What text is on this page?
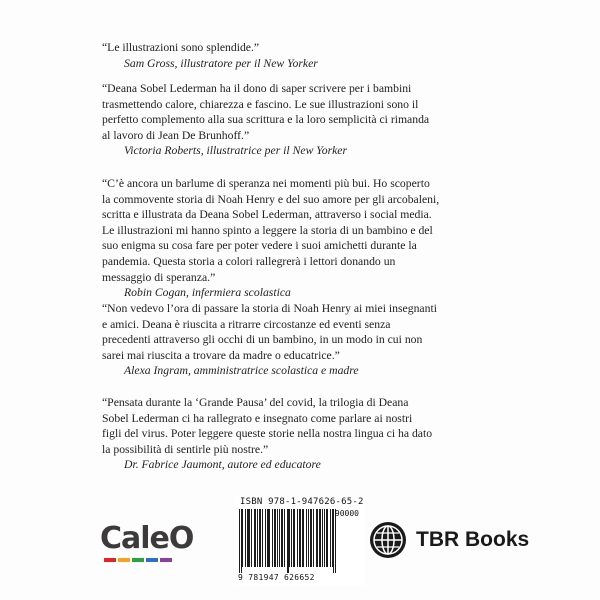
“Le illustrazioni sono splendide.”
Sam Gross, illustratore per il New Yorker
“Deana Sobel Lederman ha il dono di saper scrivere per i bambini
trasmettendo calore, chiarezza e fascino. Le sue illustrazioni sono il
perfetto complemento alla sua scrittura e la loro semplicità ci rimanda
al lavoro di Jean De Brunhoff.”
Victoria Roberts, illustratrice per il New Yorker
“C’è ancora un barlume di speranza nei momenti più bui. Ho scoperto
la commovente storia di Noah Henry e del suo amore per gli arcobaleni,
scritta e illustrata da Deana Sobel Lederman, attraverso i social media.
Le illustrazioni mi hanno spinto a leggere la storia di un bambino e del
suo enigma su cosa fare per poter vedere i suoi amichetti durante la
pandemia. Questa storia a colori rallegrerà i lettori donando un
messaggio di speranza.”
Robin Cogan, infermiera scolastica
“Non vedevo l’ora di passare la storia di Noah Henry ai miei insegnanti
e amici. Deana è riuscita a ritrarre circostanze ed eventi senza
precedenti attraverso gli occhi di un bambino, in un modo in cui non
sarei mai riuscita a trovare da madre o educatrice.”
Alexa Ingram, amministratrice scolastica e madre
“Pensata durante la ‘Grande Pausa’ del covid, la trilogia di Deana
Sobel Lederman ci ha rallegrato e insegnato come parlare ai nostri
figli del virus. Poter leggere queste storie nella nostra lingua ci ha dato
la possibilità di sentirle più nostre.”
Dr. Fabrice Jaumont, autore ed educatore
CaleO
ISBN 978-1-947626-65-2
90000
9 781947 626652
TBR Books
